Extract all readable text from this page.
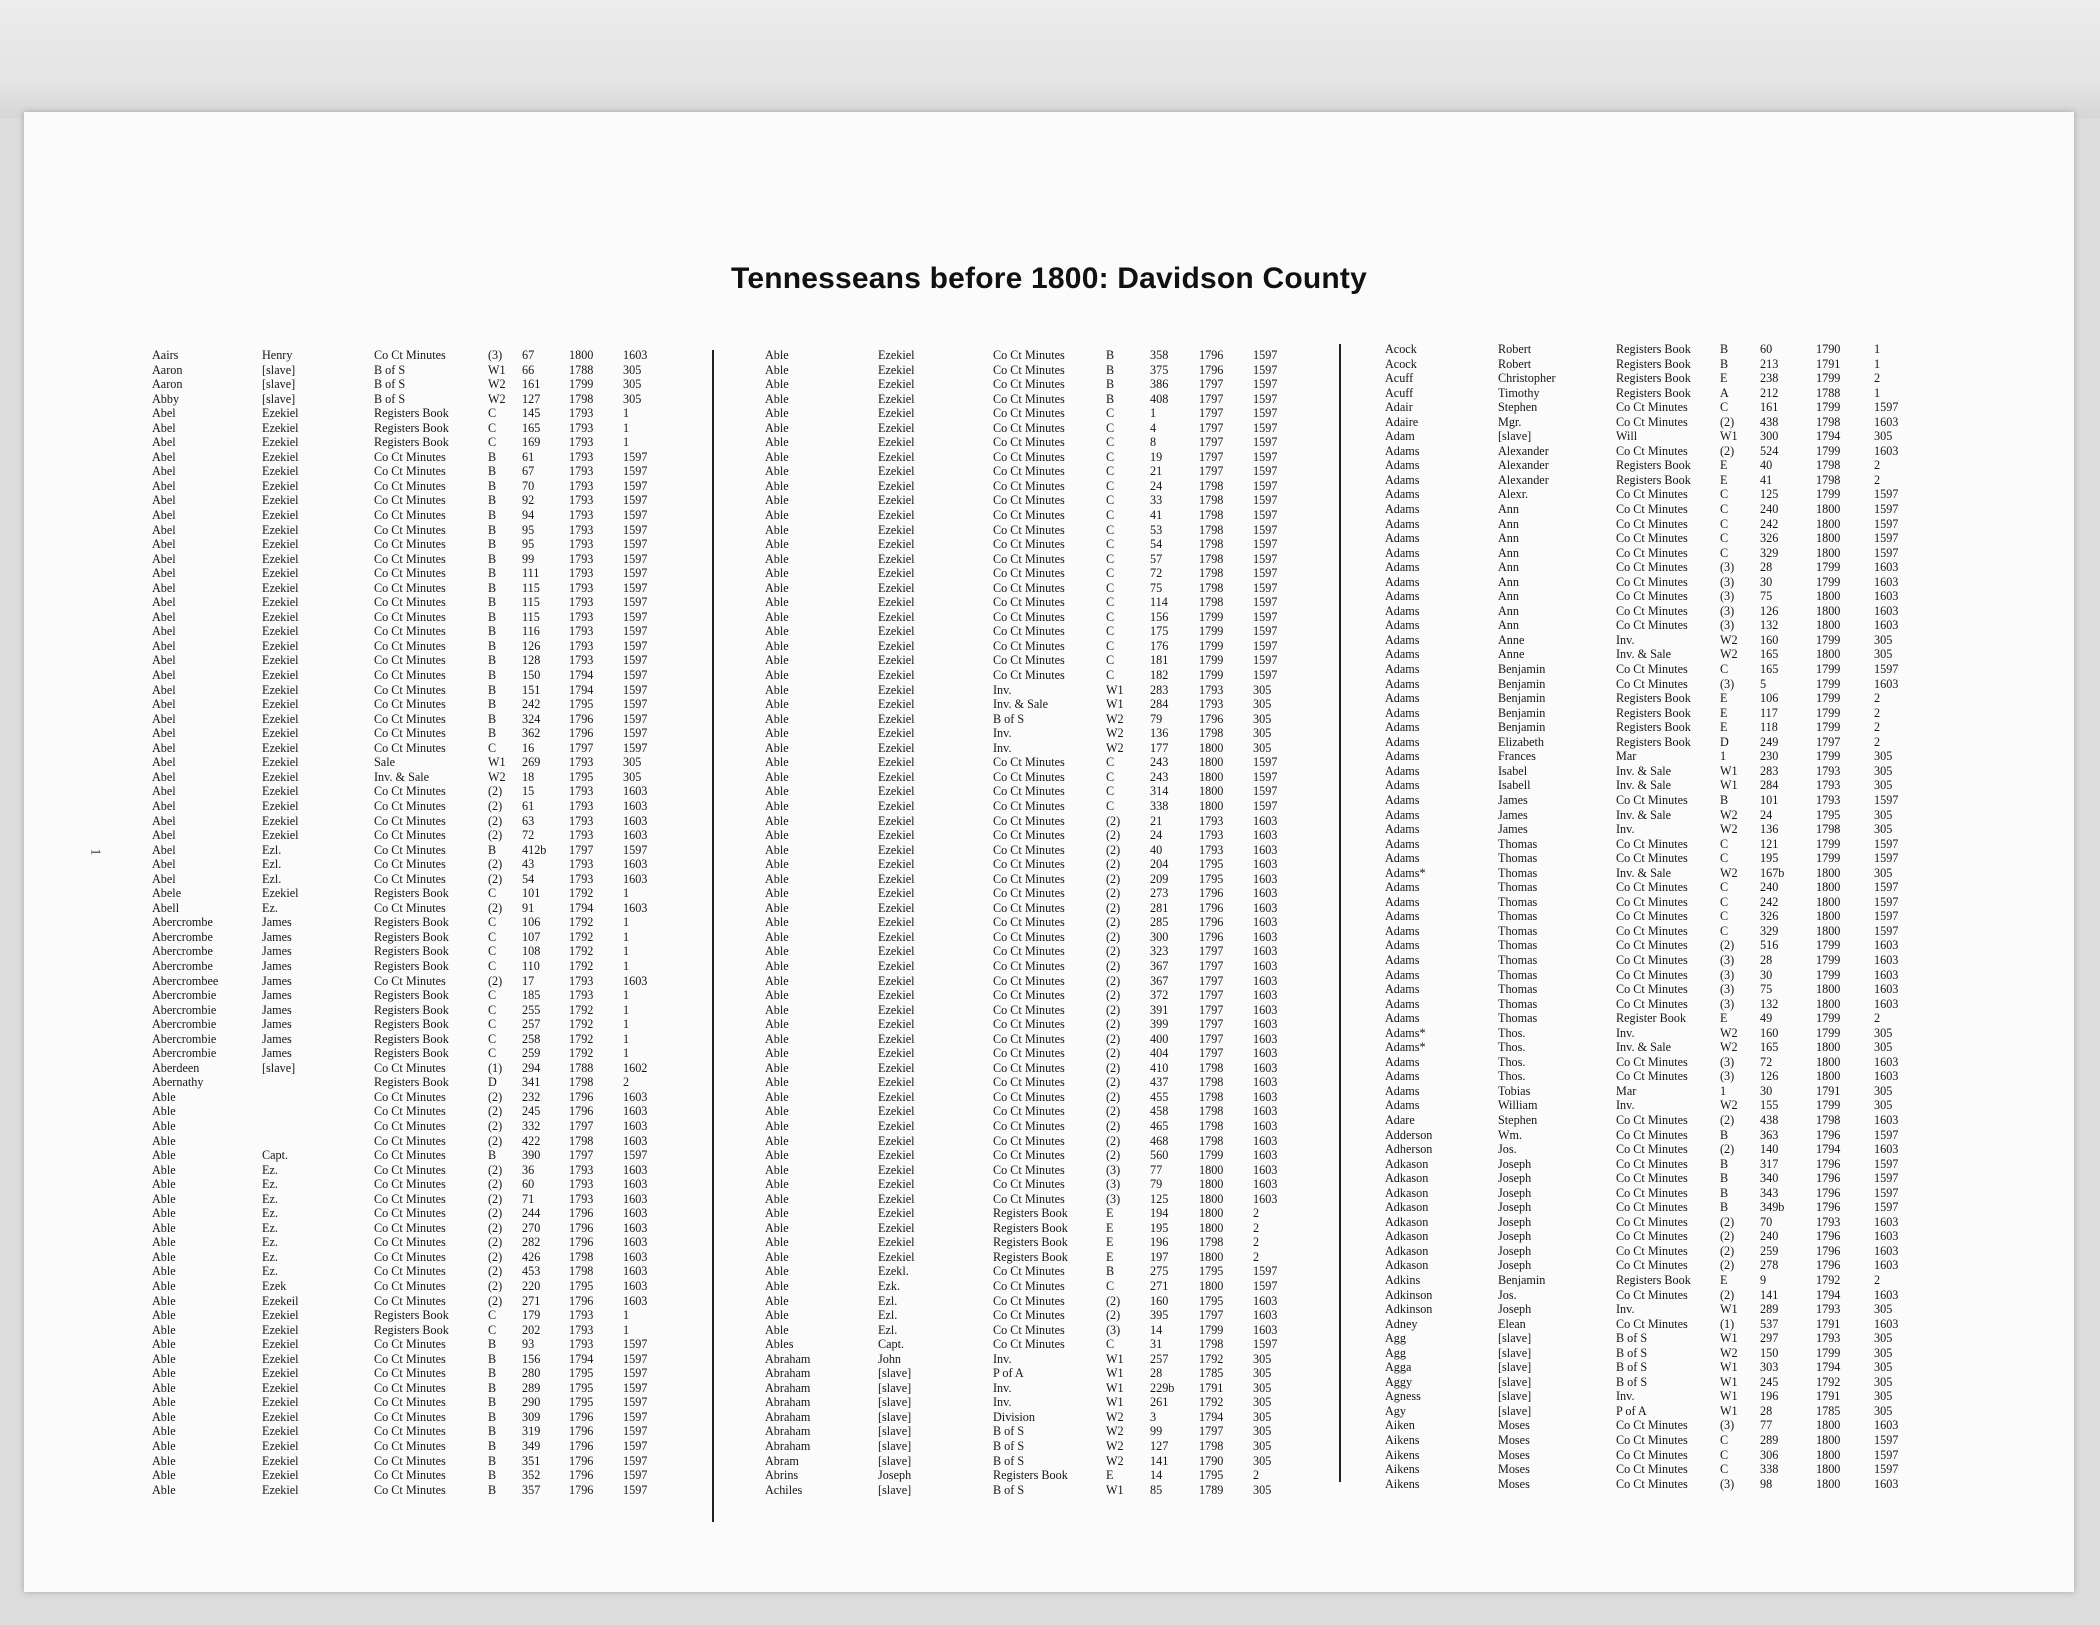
Tennesseans before 1800: Davidson County
1
Aairs	Henry	Co Ct Minutes	(3)	67	1800	1603
Aaron	[slave]	B of S	W1	66	1788	305
Aaron	[slave]	B of S	W2	161	1799	305
Abby	[slave]	B of S	W2	127	1798	305
Abel	Ezekiel	Registers Book	C	145	1793	1
Abel	Ezekiel	Registers Book	C	165	1793	1
Abel	Ezekiel	Registers Book	C	169	1793	1
Abel	Ezekiel	Co Ct Minutes	B	61	1793	1597
Abel	Ezekiel	Co Ct Minutes	B	67	1793	1597
Abel	Ezekiel	Co Ct Minutes	B	70	1793	1597
Abel	Ezekiel	Co Ct Minutes	B	92	1793	1597
Abel	Ezekiel	Co Ct Minutes	B	94	1793	1597
Abel	Ezekiel	Co Ct Minutes	B	95	1793	1597
Abel	Ezekiel	Co Ct Minutes	B	95	1793	1597
Abel	Ezekiel	Co Ct Minutes	B	99	1793	1597
Abel	Ezekiel	Co Ct Minutes	B	111	1793	1597
Abel	Ezekiel	Co Ct Minutes	B	115	1793	1597
Abel	Ezekiel	Co Ct Minutes	B	115	1793	1597
Abel	Ezekiel	Co Ct Minutes	B	115	1793	1597
Abel	Ezekiel	Co Ct Minutes	B	116	1793	1597
Abel	Ezekiel	Co Ct Minutes	B	126	1793	1597
Abel	Ezekiel	Co Ct Minutes	B	128	1793	1597
Abel	Ezekiel	Co Ct Minutes	B	150	1794	1597
Abel	Ezekiel	Co Ct Minutes	B	151	1794	1597
Abel	Ezekiel	Co Ct Minutes	B	242	1795	1597
Abel	Ezekiel	Co Ct Minutes	B	324	1796	1597
Abel	Ezekiel	Co Ct Minutes	B	362	1796	1597
Abel	Ezekiel	Co Ct Minutes	C	16	1797	1597
Abel	Ezekiel	Sale	W1	269	1793	305
Abel	Ezekiel	Inv. & Sale	W2	18	1795	305
Abel	Ezekiel	Co Ct Minutes	(2)	15	1793	1603
Abel	Ezekiel	Co Ct Minutes	(2)	61	1793	1603
Abel	Ezekiel	Co Ct Minutes	(2)	63	1793	1603
Abel	Ezekiel	Co Ct Minutes	(2)	72	1793	1603
Abel	Ezl.	Co Ct Minutes	B	412b	1797	1597
Abel	Ezl.	Co Ct Minutes	(2)	43	1793	1603
Abel	Ezl.	Co Ct Minutes	(2)	54	1793	1603
Abele	Ezekiel	Registers Book	C	101	1792	1
Abell	Ez.	Co Ct Minutes	(2)	91	1794	1603
Abercrombe	James	Registers Book	C	106	1792	1
Abercrombe	James	Registers Book	C	107	1792	1
Abercrombe	James	Registers Book	C	108	1792	1
Abercrombe	James	Registers Book	C	110	1792	1
Abercrombee	James	Co Ct Minutes	(2)	17	1793	1603
Abercrombie	James	Registers Book	C	185	1793	1
Abercrombie	James	Registers Book	C	255	1792	1
Abercrombie	James	Registers Book	C	257	1792	1
Abercrombie	James	Registers Book	C	258	1792	1
Abercrombie	James	Registers Book	C	259	1792	1
Aberdeen	[slave]	Co Ct Minutes	(1)	294	1788	1602
Abernathy		Registers Book	D	341	1798	2
Able		Co Ct Minutes	(2)	232	1796	1603
Able		Co Ct Minutes	(2)	245	1796	1603
Able		Co Ct Minutes	(2)	332	1797	1603
Able		Co Ct Minutes	(2)	422	1798	1603
Able	Capt.	Co Ct Minutes	B	390	1797	1597
Able	Ez.	Co Ct Minutes	(2)	36	1793	1603
Able	Ez.	Co Ct Minutes	(2)	60	1793	1603
Able	Ez.	Co Ct Minutes	(2)	71	1793	1603
Able	Ez.	Co Ct Minutes	(2)	244	1796	1603
Able	Ez.	Co Ct Minutes	(2)	270	1796	1603
Able	Ez.	Co Ct Minutes	(2)	282	1796	1603
Able	Ez.	Co Ct Minutes	(2)	426	1798	1603
Able	Ez.	Co Ct Minutes	(2)	453	1798	1603
Able	Ezek	Co Ct Minutes	(2)	220	1795	1603
Able	Ezekeil	Co Ct Minutes	(2)	271	1796	1603
Able	Ezekiel	Registers Book	C	179	1793	1
Able	Ezekiel	Registers Book	C	202	1793	1
Able	Ezekiel	Co Ct Minutes	B	93	1793	1597
Able	Ezekiel	Co Ct Minutes	B	156	1794	1597
Able	Ezekiel	Co Ct Minutes	B	280	1795	1597
Able	Ezekiel	Co Ct Minutes	B	289	1795	1597
Able	Ezekiel	Co Ct Minutes	B	290	1795	1597
Able	Ezekiel	Co Ct Minutes	B	309	1796	1597
Able	Ezekiel	Co Ct Minutes	B	319	1796	1597
Able	Ezekiel	Co Ct Minutes	B	349	1796	1597
Able	Ezekiel	Co Ct Minutes	B	351	1796	1597
Able	Ezekiel	Co Ct Minutes	B	352	1796	1597
Able	Ezekiel	Co Ct Minutes	B	357	1796	1597
Able	Ezekiel	Co Ct Minutes	B	358	1796	1597
Able	Ezekiel	Co Ct Minutes	B	375	1796	1597
Able	Ezekiel	Co Ct Minutes	B	386	1797	1597
Able	Ezekiel	Co Ct Minutes	B	408	1797	1597
Able	Ezekiel	Co Ct Minutes	C	1	1797	1597
Able	Ezekiel	Co Ct Minutes	C	4	1797	1597
Able	Ezekiel	Co Ct Minutes	C	8	1797	1597
Able	Ezekiel	Co Ct Minutes	C	19	1797	1597
Able	Ezekiel	Co Ct Minutes	C	21	1797	1597
Able	Ezekiel	Co Ct Minutes	C	24	1798	1597
Able	Ezekiel	Co Ct Minutes	C	33	1798	1597
Able	Ezekiel	Co Ct Minutes	C	41	1798	1597
Able	Ezekiel	Co Ct Minutes	C	53	1798	1597
Able	Ezekiel	Co Ct Minutes	C	54	1798	1597
Able	Ezekiel	Co Ct Minutes	C	57	1798	1597
Able	Ezekiel	Co Ct Minutes	C	72	1798	1597
Able	Ezekiel	Co Ct Minutes	C	75	1798	1597
Able	Ezekiel	Co Ct Minutes	C	114	1798	1597
Able	Ezekiel	Co Ct Minutes	C	156	1799	1597
Able	Ezekiel	Co Ct Minutes	C	175	1799	1597
Able	Ezekiel	Co Ct Minutes	C	176	1799	1597
Able	Ezekiel	Co Ct Minutes	C	181	1799	1597
Able	Ezekiel	Co Ct Minutes	C	182	1799	1597
Able	Ezekiel	Inv.	W1	283	1793	305
Able	Ezekiel	Inv. & Sale	W1	284	1793	305
Able	Ezekiel	B of S	W2	79	1796	305
Able	Ezekiel	Inv.	W2	136	1798	305
Able	Ezekiel	Inv.	W2	177	1800	305
Able	Ezekiel	Co Ct Minutes	C	243	1800	1597
Able	Ezekiel	Co Ct Minutes	C	243	1800	1597
Able	Ezekiel	Co Ct Minutes	C	314	1800	1597
Able	Ezekiel	Co Ct Minutes	C	338	1800	1597
Able	Ezekiel	Co Ct Minutes	(2)	21	1793	1603
Able	Ezekiel	Co Ct Minutes	(2)	24	1793	1603
Able	Ezekiel	Co Ct Minutes	(2)	40	1793	1603
Able	Ezekiel	Co Ct Minutes	(2)	204	1795	1603
Able	Ezekiel	Co Ct Minutes	(2)	209	1795	1603
Able	Ezekiel	Co Ct Minutes	(2)	273	1796	1603
Able	Ezekiel	Co Ct Minutes	(2)	281	1796	1603
Able	Ezekiel	Co Ct Minutes	(2)	285	1796	1603
Able	Ezekiel	Co Ct Minutes	(2)	300	1796	1603
Able	Ezekiel	Co Ct Minutes	(2)	323	1797	1603
Able	Ezekiel	Co Ct Minutes	(2)	367	1797	1603
Able	Ezekiel	Co Ct Minutes	(2)	367	1797	1603
Able	Ezekiel	Co Ct Minutes	(2)	372	1797	1603
Able	Ezekiel	Co Ct Minutes	(2)	391	1797	1603
Able	Ezekiel	Co Ct Minutes	(2)	399	1797	1603
Able	Ezekiel	Co Ct Minutes	(2)	400	1797	1603
Able	Ezekiel	Co Ct Minutes	(2)	404	1797	1603
Able	Ezekiel	Co Ct Minutes	(2)	410	1798	1603
Able	Ezekiel	Co Ct Minutes	(2)	437	1798	1603
Able	Ezekiel	Co Ct Minutes	(2)	455	1798	1603
Able	Ezekiel	Co Ct Minutes	(2)	458	1798	1603
Able	Ezekiel	Co Ct Minutes	(2)	465	1798	1603
Able	Ezekiel	Co Ct Minutes	(2)	468	1798	1603
Able	Ezekiel	Co Ct Minutes	(2)	560	1799	1603
Able	Ezekiel	Co Ct Minutes	(3)	77	1800	1603
Able	Ezekiel	Co Ct Minutes	(3)	79	1800	1603
Able	Ezekiel	Co Ct Minutes	(3)	125	1800	1603
Able	Ezekiel	Registers Book	E	194	1800	2
Able	Ezekiel	Registers Book	E	195	1800	2
Able	Ezekiel	Registers Book	E	196	1798	2
Able	Ezekiel	Registers Book	E	197	1800	2
Able	Ezekl.	Co Ct Minutes	B	275	1795	1597
Able	Ezk.	Co Ct Minutes	C	271	1800	1597
Able	Ezl.	Co Ct Minutes	(2)	160	1795	1603
Able	Ezl.	Co Ct Minutes	(2)	395	1797	1603
Able	Ezl.	Co Ct Minutes	(3)	14	1799	1603
Ables	Capt.	Co Ct Minutes	C	31	1798	1597
Abraham	John	Inv.	W1	257	1792	305
Abraham	[slave]	P of A	W1	28	1785	305
Abraham	[slave]	Inv.	W1	229b	1791	305
Abraham	[slave]	Inv.	W1	261	1792	305
Abraham	[slave]	Division	W2	3	1794	305
Abraham	[slave]	B of S	W2	99	1797	305
Abraham	[slave]	B of S	W2	127	1798	305
Abram	[slave]	B of S	W2	141	1790	305
Abrins	Joseph	Registers Book	E	14	1795	2
Achiles	[slave]	B of S	W1	85	1789	305
Acock	Robert	Registers Book	B	60	1790	1
Acock	Robert	Registers Book	B	213	1791	1
Acuff	Christopher	Registers Book	E	238	1799	2
Acuff	Timothy	Registers Book	A	212	1788	1
Adair	Stephen	Co Ct Minutes	C	161	1799	1597
Adaire	Mgr.	Co Ct Minutes	(2)	438	1798	1603
Adam	[slave]	Will	W1	300	1794	305
Adams	Alexander	Co Ct Minutes	(2)	524	1799	1603
Adams	Alexander	Registers Book	E	40	1798	2
Adams	Alexander	Registers Book	E	41	1798	2
Adams	Alexr.	Co Ct Minutes	C	125	1799	1597
Adams	Ann	Co Ct Minutes	C	240	1800	1597
Adams	Ann	Co Ct Minutes	C	242	1800	1597
Adams	Ann	Co Ct Minutes	C	326	1800	1597
Adams	Ann	Co Ct Minutes	C	329	1800	1597
Adams	Ann	Co Ct Minutes	(3)	28	1799	1603
Adams	Ann	Co Ct Minutes	(3)	30	1799	1603
Adams	Ann	Co Ct Minutes	(3)	75	1800	1603
Adams	Ann	Co Ct Minutes	(3)	126	1800	1603
Adams	Ann	Co Ct Minutes	(3)	132	1800	1603
Adams	Anne	Inv.	W2	160	1799	305
Adams	Anne	Inv. & Sale	W2	165	1800	305
Adams	Benjamin	Co Ct Minutes	C	165	1799	1597
Adams	Benjamin	Co Ct Minutes	(3)	5	1799	1603
Adams	Benjamin	Registers Book	E	106	1799	2
Adams	Benjamin	Registers Book	E	117	1799	2
Adams	Benjamin	Registers Book	E	118	1799	2
Adams	Elizabeth	Registers Book	D	249	1797	2
Adams	Frances	Mar	1	230	1799	305
Adams	Isabel	Inv. & Sale	W1	283	1793	305
Adams	Isabell	Inv. & Sale	W1	284	1793	305
Adams	James	Co Ct Minutes	B	101	1793	1597
Adams	James	Inv. & Sale	W2	24	1795	305
Adams	James	Inv.	W2	136	1798	305
Adams	Thomas	Co Ct Minutes	C	121	1799	1597
Adams	Thomas	Co Ct Minutes	C	195	1799	1597
Adams*	Thomas	Inv. & Sale	W2	167b	1800	305
Adams	Thomas	Co Ct Minutes	C	240	1800	1597
Adams	Thomas	Co Ct Minutes	C	242	1800	1597
Adams	Thomas	Co Ct Minutes	C	326	1800	1597
Adams	Thomas	Co Ct Minutes	C	329	1800	1597
Adams	Thomas	Co Ct Minutes	(2)	516	1799	1603
Adams	Thomas	Co Ct Minutes	(3)	28	1799	1603
Adams	Thomas	Co Ct Minutes	(3)	30	1799	1603
Adams	Thomas	Co Ct Minutes	(3)	75	1800	1603
Adams	Thomas	Co Ct Minutes	(3)	132	1800	1603
Adams	Thomas	Register Book	E	49	1799	2
Adams*	Thos.	Inv.	W2	160	1799	305
Adams*	Thos.	Inv. & Sale	W2	165	1800	305
Adams	Thos.	Co Ct Minutes	(3)	72	1800	1603
Adams	Thos.	Co Ct Minutes	(3)	126	1800	1603
Adams	Tobias	Mar	1	30	1791	305
Adams	William	Inv.	W2	155	1799	305
Adare	Stephen	Co Ct Minutes	(2)	438	1798	1603
Adderson	Wm.	Co Ct Minutes	B	363	1796	1597
Adherson	Jos.	Co Ct Minutes	(2)	140	1794	1603
Adkason	Joseph	Co Ct Minutes	B	317	1796	1597
Adkason	Joseph	Co Ct Minutes	B	340	1796	1597
Adkason	Joseph	Co Ct Minutes	B	343	1796	1597
Adkason	Joseph	Co Ct Minutes	B	349b	1796	1597
Adkason	Joseph	Co Ct Minutes	(2)	70	1793	1603
Adkason	Joseph	Co Ct Minutes	(2)	240	1796	1603
Adkason	Joseph	Co Ct Minutes	(2)	259	1796	1603
Adkason	Joseph	Co Ct Minutes	(2)	278	1796	1603
Adkins	Benjamin	Registers Book	E	9	1792	2
Adkinson	Jos.	Co Ct Minutes	(2)	141	1794	1603
Adkinson	Joseph	Inv.	W1	289	1793	305
Adney	Elean	Co Ct Minutes	(1)	537	1791	1603
Agg	[slave]	B of S	W1	297	1793	305
Agg	[slave]	B of S	W2	150	1799	305
Agga	[slave]	B of S	W1	303	1794	305
Aggy	[slave]	B of S	W1	245	1792	305
Agness	[slave]	Inv.	W1	196	1791	305
Agy	[slave]	P of A	W1	28	1785	305
Aiken	Moses	Co Ct Minutes	(3)	77	1800	1603
Aikens	Moses	Co Ct Minutes	C	289	1800	1597
Aikens	Moses	Co Ct Minutes	C	306	1800	1597
Aikens	Moses	Co Ct Minutes	C	338	1800	1597
Aikens	Moses	Co Ct Minutes	(3)	98	1800	1603
